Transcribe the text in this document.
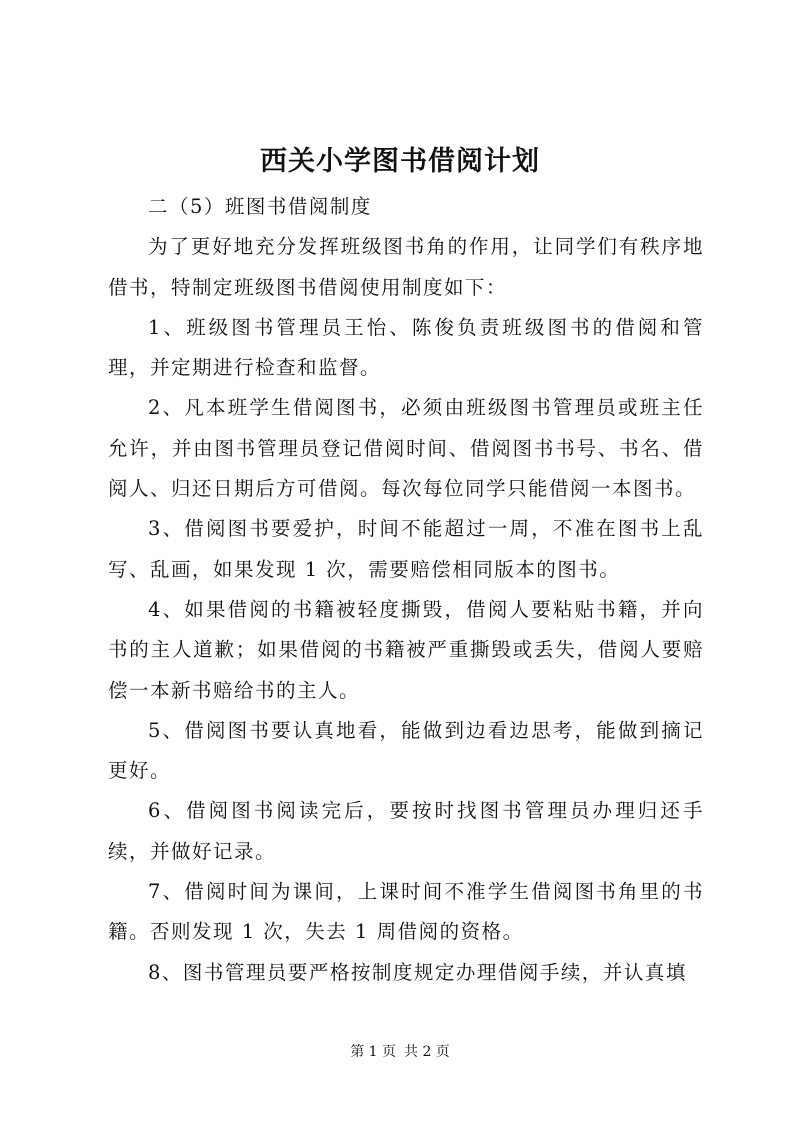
西关小学图书借阅计划

二（5）班图书借阅制度

为了更好地充分发挥班级图书角的作用，让同学们有秩序地借书，特制定班级图书借阅使用制度如下：

1、班级图书管理员王怡、陈俊负责班级图书的借阅和管理，并定期进行检查和监督。

2、凡本班学生借阅图书，必须由班级图书管理员或班主任允许，并由图书管理员登记借阅时间、借阅图书书号、书名、借阅人、归还日期后方可借阅。每次每位同学只能借阅一本图书。

3、借阅图书要爱护，时间不能超过一周，不准在图书上乱写、乱画，如果发现 1 次，需要赔偿相同版本的图书。

4、如果借阅的书籍被轻度撕毁，借阅人要粘贴书籍，并向书的主人道歉；如果借阅的书籍被严重撕毁或丢失，借阅人要赔偿一本新书赔给书的主人。

5、借阅图书要认真地看，能做到边看边思考，能做到摘记更好。

6、借阅图书阅读完后，要按时找图书管理员办理归还手续，并做好记录。

7、借阅时间为课间，上课时间不准学生借阅图书角里的书籍。否则发现 1 次，失去 1 周借阅的资格。

8、图书管理员要严格按制度规定办理借阅手续，并认真填

第 1 页 共 2 页
